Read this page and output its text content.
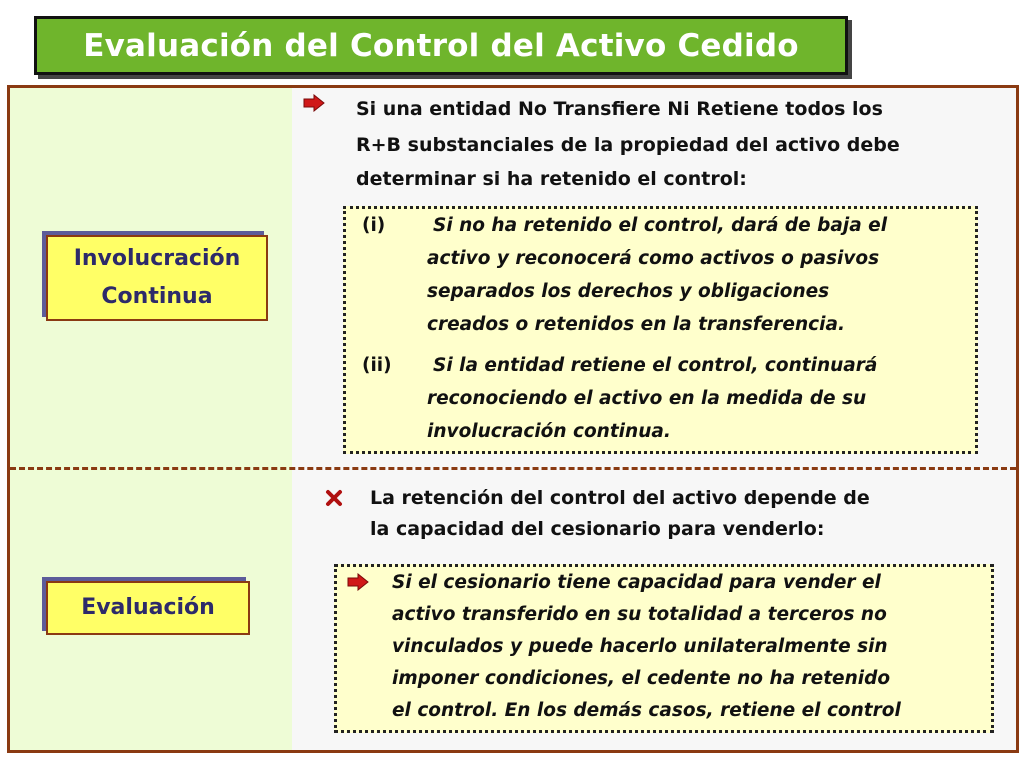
Evaluación del Control del Activo Cedido
Involucración
Continua
Si una entidad No Transfiere Ni Retiene todos los
R+B substanciales de la propiedad del activo debe
determinar si ha retenido el control:
(i)	Si no ha retenido el control, dará de baja el
activo y reconocerá como activos o pasivos
separados los derechos y obligaciones
creados o retenidos en la transferencia.
(ii) Si la entidad retiene el control, continuará
reconociendo el activo en la medida de su
involucración continua.
Evaluación
La retención del control del activo depende de
la capacidad del cesionario para venderlo:
Si el cesionario tiene capacidad para vender el
activo transferido en su totalidad a terceros no
vinculados y puede hacerlo unilateralmente sin
imponer condiciones, el cedente no ha retenido
el control. En los demás casos, retiene el control
